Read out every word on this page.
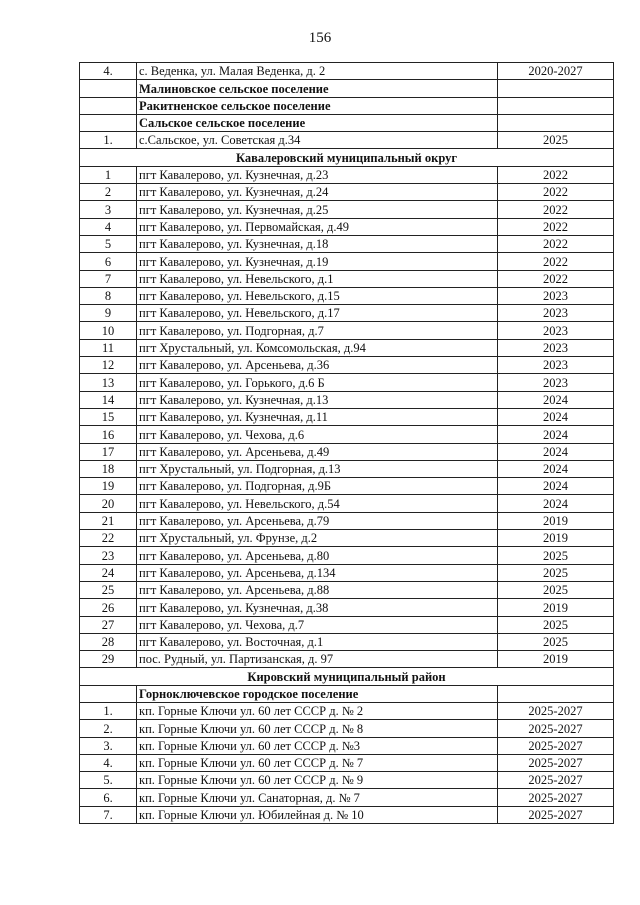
156
4.	с. Веденка, ул. Малая Веденка, д. 2	2020-2027
	Малиновское сельское поселение	
	Ракитненское сельское поселение	
	Сальское сельское поселение	
1.	с.Сальское, ул. Советская д.34	2025
Кавалеровский муниципальный округ		
1	пгт Кавалерово, ул. Кузнечная, д.23	2022
2	пгт Кавалерово, ул. Кузнечная, д.24	2022
3	пгт Кавалерово, ул. Кузнечная, д.25	2022
4	пгт Кавалерово, ул. Первомайская, д.49	2022
5	пгт Кавалерово, ул. Кузнечная, д.18	2022
6	пгт Кавалерово, ул. Кузнечная, д.19	2022
7	пгт Кавалерово, ул. Невельского, д.1	2022
8	пгт Кавалерово, ул. Невельского, д.15	2023
9	пгт Кавалерово, ул. Невельского, д.17	2023
10	пгт Кавалерово, ул. Подгорная, д.7	2023
11	пгт Хрустальный, ул. Комсомольская, д.94	2023
12	пгт Кавалерово, ул. Арсеньева, д.36	2023
13	пгт Кавалерово, ул. Горького, д.6 Б	2023
14	пгт Кавалерово, ул. Кузнечная, д.13	2024
15	пгт Кавалерово, ул. Кузнечная, д.11	2024
16	пгт Кавалерово, ул. Чехова, д.6	2024
17	пгт Кавалерово, ул. Арсеньева, д.49	2024
18	пгт Хрустальный, ул. Подгорная, д.13	2024
19	пгт Кавалерово, ул. Подгорная, д.9Б	2024
20	пгт Кавалерово, ул. Невельского, д.54	2024
21	пгт Кавалерово, ул. Арсеньева, д.79	2019
22	пгт Хрустальный, ул. Фрунзе, д.2	2019
23	пгт Кавалерово, ул. Арсеньева, д.80	2025
24	пгт Кавалерово, ул. Арсеньева, д.134	2025
25	пгт Кавалерово, ул. Арсеньева, д.88	2025
26	пгт Кавалерово, ул. Кузнечная, д.38	2019
27	пгт Кавалерово, ул. Чехова, д.7	2025
28	пгт Кавалерово, ул. Восточная, д.1	2025
29	пос. Рудный, ул. Партизанская, д. 97	2019
Кировский муниципальный район		
	Горноключевское городское поселение	
1.	кп. Горные Ключи ул. 60 лет СССР д. № 2	2025-2027
2.	кп. Горные Ключи ул. 60 лет СССР д. № 8	2025-2027
3.	кп. Горные Ключи ул. 60 лет СССР д. №3	2025-2027
4.	кп. Горные Ключи ул. 60 лет СССР д. № 7	2025-2027
5.	кп. Горные Ключи ул. 60 лет СССР д. № 9	2025-2027
6.	кп. Горные Ключи ул. Санаторная, д. № 7	2025-2027
7.	кп. Горные Ключи ул. Юбилейная д. № 10	2025-2027
